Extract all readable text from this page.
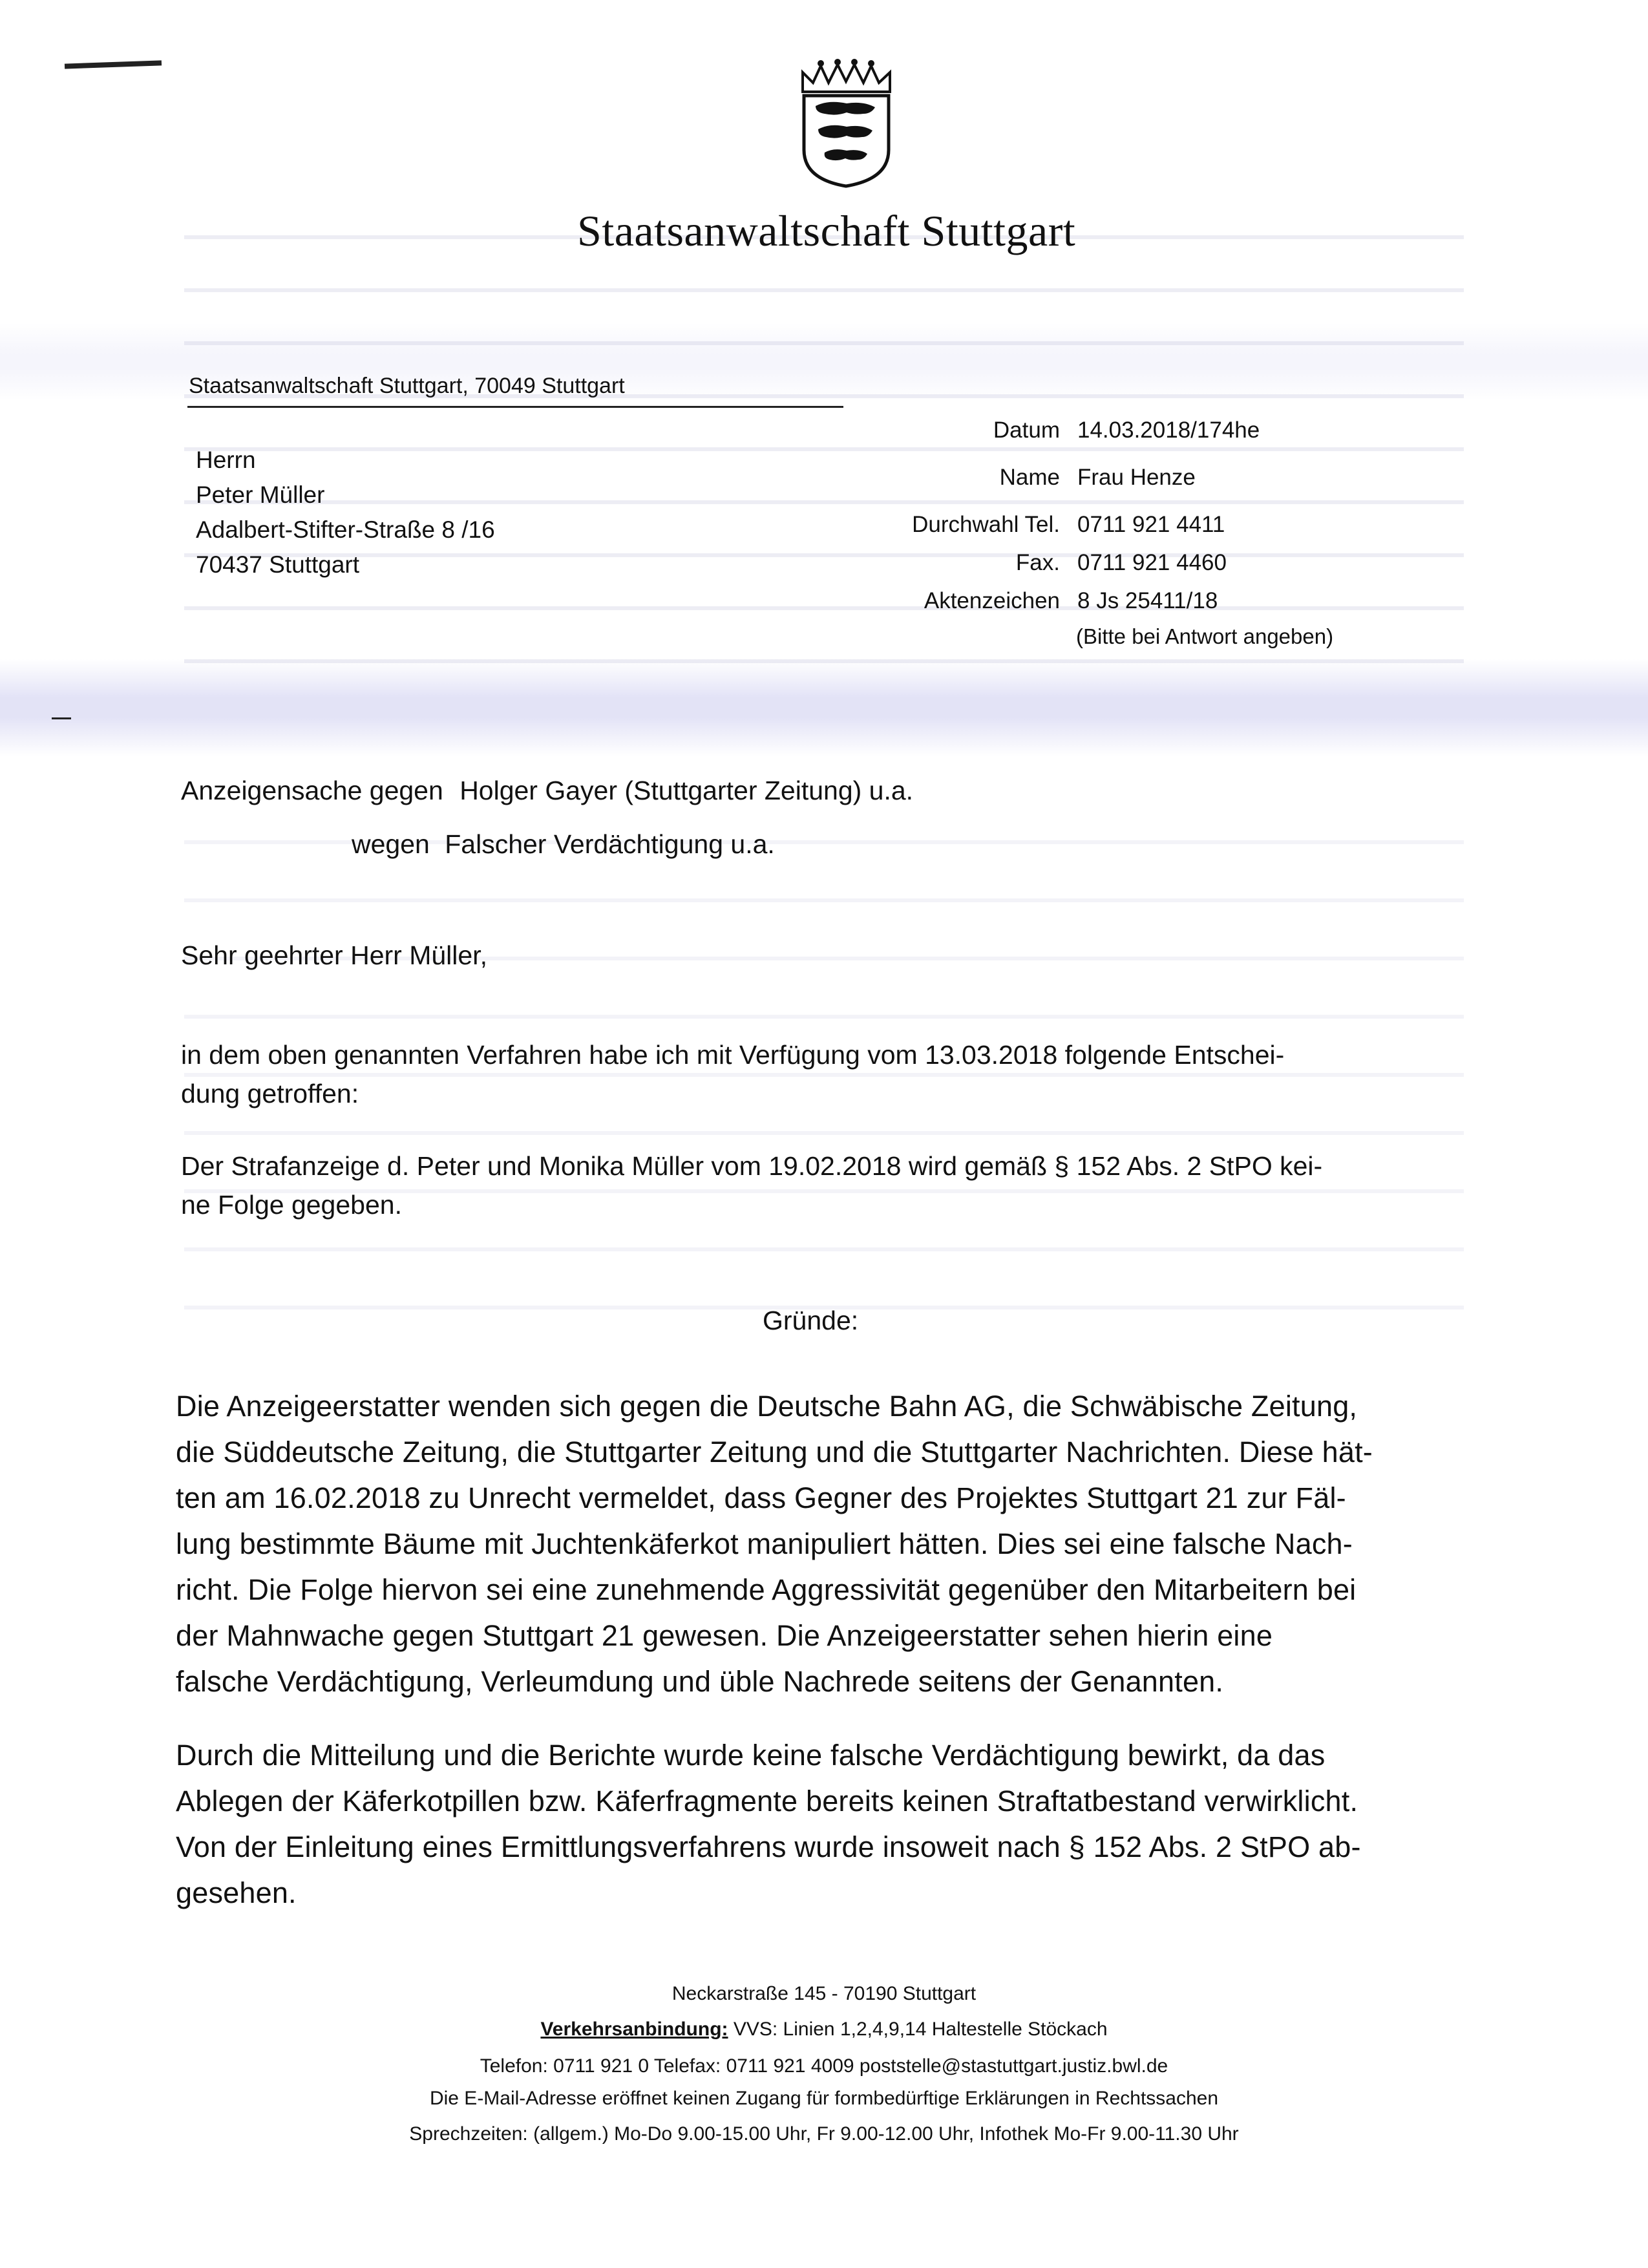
Staatsanwaltschaft Stuttgart
Staatsanwaltschaft Stuttgart, 70049 Stuttgart
Herrn
Peter Müller
Adalbert-Stifter-Straße 8 /16
70437 Stuttgart
Datum 14.03.2018/174he
Name Frau Henze
Durchwahl Tel. 0711 921 4411
Fax. 0711 921 4460
Aktenzeichen 8 Js 25411/18
(Bitte bei Antwort angeben)
Anzeigensache gegen Holger Gayer (Stuttgarter Zeitung) u.a.
wegen Falscher Verdächtigung u.a.
Sehr geehrter Herr Müller,
in dem oben genannten Verfahren habe ich mit Verfügung vom 13.03.2018 folgende Entschei-
dung getroffen:
Der Strafanzeige d. Peter und Monika Müller vom 19.02.2018 wird gemäß § 152 Abs. 2 StPO kei-
ne Folge gegeben.
Gründe:
Die Anzeigeerstatter wenden sich gegen die Deutsche Bahn AG, die Schwäbische Zeitung,
die Süddeutsche Zeitung, die Stuttgarter Zeitung und die Stuttgarter Nachrichten. Diese hät-
ten am 16.02.2018 zu Unrecht vermeldet, dass Gegner des Projektes Stuttgart 21 zur Fäl-
lung bestimmte Bäume mit Juchtenkäferkot manipuliert hätten. Dies sei eine falsche Nach-
richt. Die Folge hiervon sei eine zunehmende Aggressivität gegenüber den Mitarbeitern bei
der Mahnwache gegen Stuttgart 21 gewesen. Die Anzeigeerstatter sehen hierin eine
falsche Verdächtigung, Verleumdung und üble Nachrede seitens der Genannten.
Durch die Mitteilung und die Berichte wurde keine falsche Verdächtigung bewirkt, da das
Ablegen der Käferkotpillen bzw. Käferfragmente bereits keinen Straftatbestand verwirklicht.
Von der Einleitung eines Ermittlungsverfahrens wurde insoweit nach § 152 Abs. 2 StPO ab-
gesehen.
Neckarstraße 145 - 70190 Stuttgart
Verkehrsanbindung: VVS: Linien 1,2,4,9,14 Haltestelle Stöckach
Telefon: 0711 921 0 Telefax: 0711 921 4009 poststelle@stastuttgart.justiz.bwl.de
Die E-Mail-Adresse eröffnet keinen Zugang für formbedürftige Erklärungen in Rechtssachen
Sprechzeiten: (allgem.) Mo-Do 9.00-15.00 Uhr, Fr 9.00-12.00 Uhr, Infothek Mo-Fr 9.00-11.30 Uhr
